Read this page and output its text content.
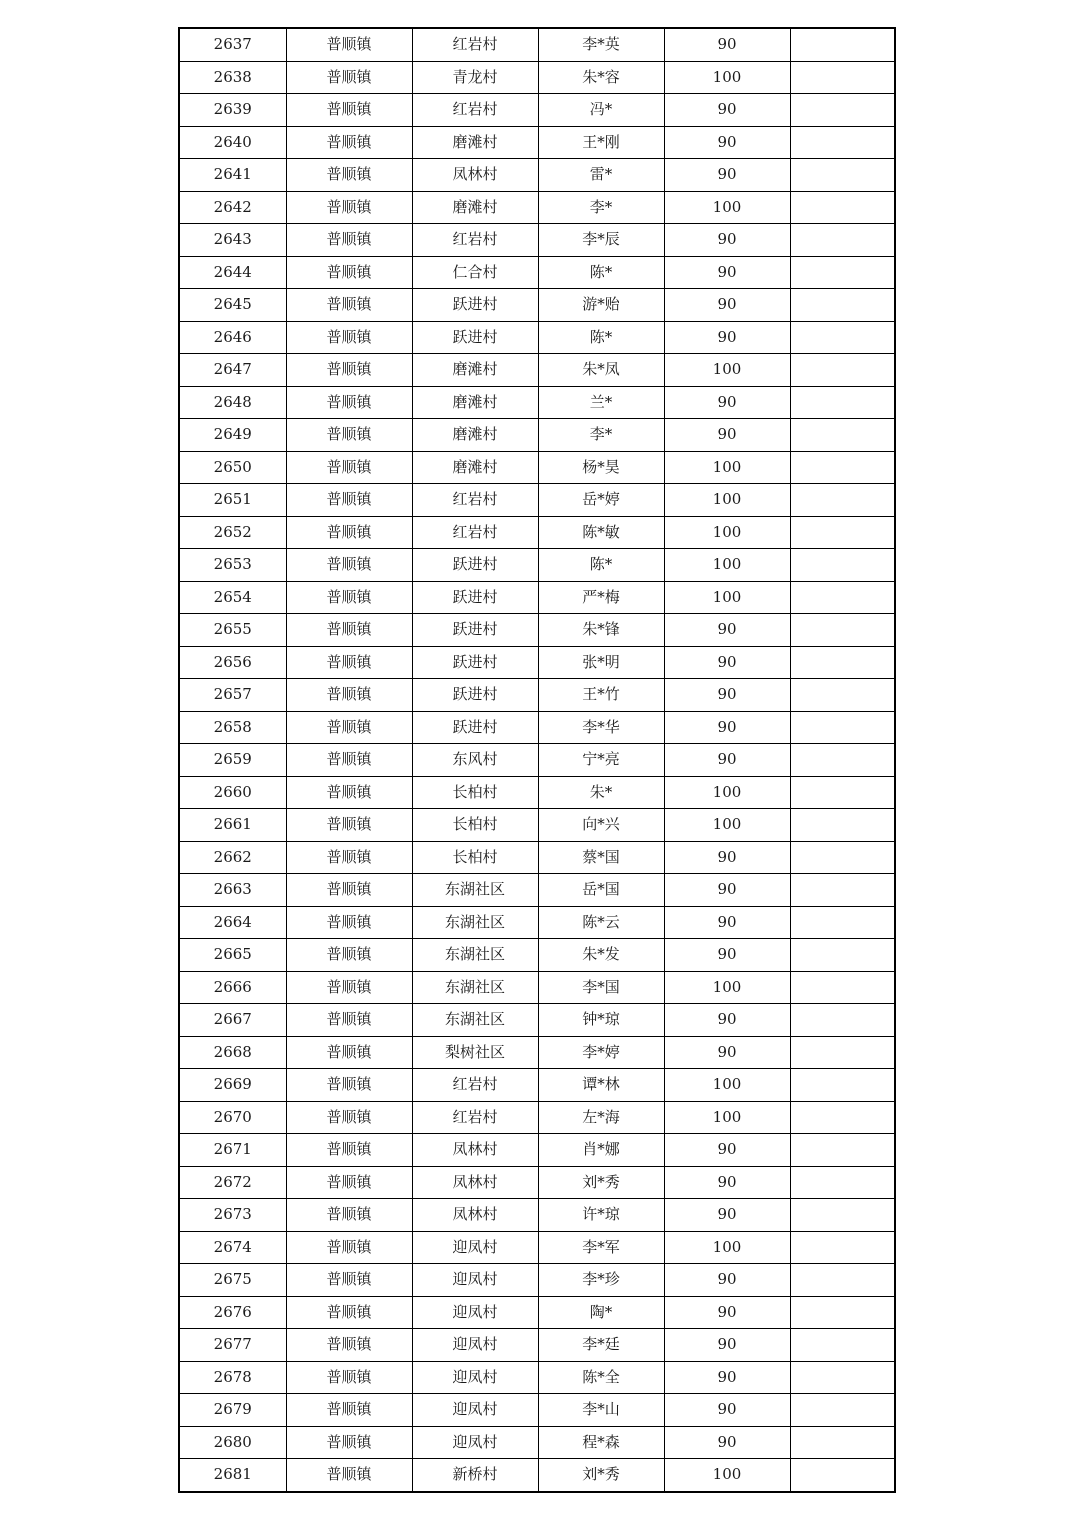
2637	普顺镇	红岩村	李*英	90	
2638	普顺镇	青龙村	朱*容	100	
2639	普顺镇	红岩村	冯*	90	
2640	普顺镇	磨滩村	王*刚	90	
2641	普顺镇	凤林村	雷*	90	
2642	普顺镇	磨滩村	李*	100	
2643	普顺镇	红岩村	李*辰	90	
2644	普顺镇	仁合村	陈*	90	
2645	普顺镇	跃进村	游*贻	90	
2646	普顺镇	跃进村	陈*	90	
2647	普顺镇	磨滩村	朱*凤	100	
2648	普顺镇	磨滩村	兰*	90	
2649	普顺镇	磨滩村	李*	90	
2650	普顺镇	磨滩村	杨*昊	100	
2651	普顺镇	红岩村	岳*婷	100	
2652	普顺镇	红岩村	陈*敏	100	
2653	普顺镇	跃进村	陈*	100	
2654	普顺镇	跃进村	严*梅	100	
2655	普顺镇	跃进村	朱*锋	90	
2656	普顺镇	跃进村	张*明	90	
2657	普顺镇	跃进村	王*竹	90	
2658	普顺镇	跃进村	李*华	90	
2659	普顺镇	东风村	宁*亮	90	
2660	普顺镇	长柏村	朱*	100	
2661	普顺镇	长柏村	向*兴	100	
2662	普顺镇	长柏村	蔡*国	90	
2663	普顺镇	东湖社区	岳*国	90	
2664	普顺镇	东湖社区	陈*云	90	
2665	普顺镇	东湖社区	朱*发	90	
2666	普顺镇	东湖社区	李*国	100	
2667	普顺镇	东湖社区	钟*琼	90	
2668	普顺镇	梨树社区	李*婷	90	
2669	普顺镇	红岩村	谭*林	100	
2670	普顺镇	红岩村	左*海	100	
2671	普顺镇	凤林村	肖*娜	90	
2672	普顺镇	凤林村	刘*秀	90	
2673	普顺镇	凤林村	许*琼	90	
2674	普顺镇	迎凤村	李*军	100	
2675	普顺镇	迎凤村	李*珍	90	
2676	普顺镇	迎凤村	陶*	90	
2677	普顺镇	迎凤村	李*廷	90	
2678	普顺镇	迎凤村	陈*全	90	
2679	普顺镇	迎凤村	李*山	90	
2680	普顺镇	迎凤村	程*森	90	
2681	普顺镇	新桥村	刘*秀	100	
